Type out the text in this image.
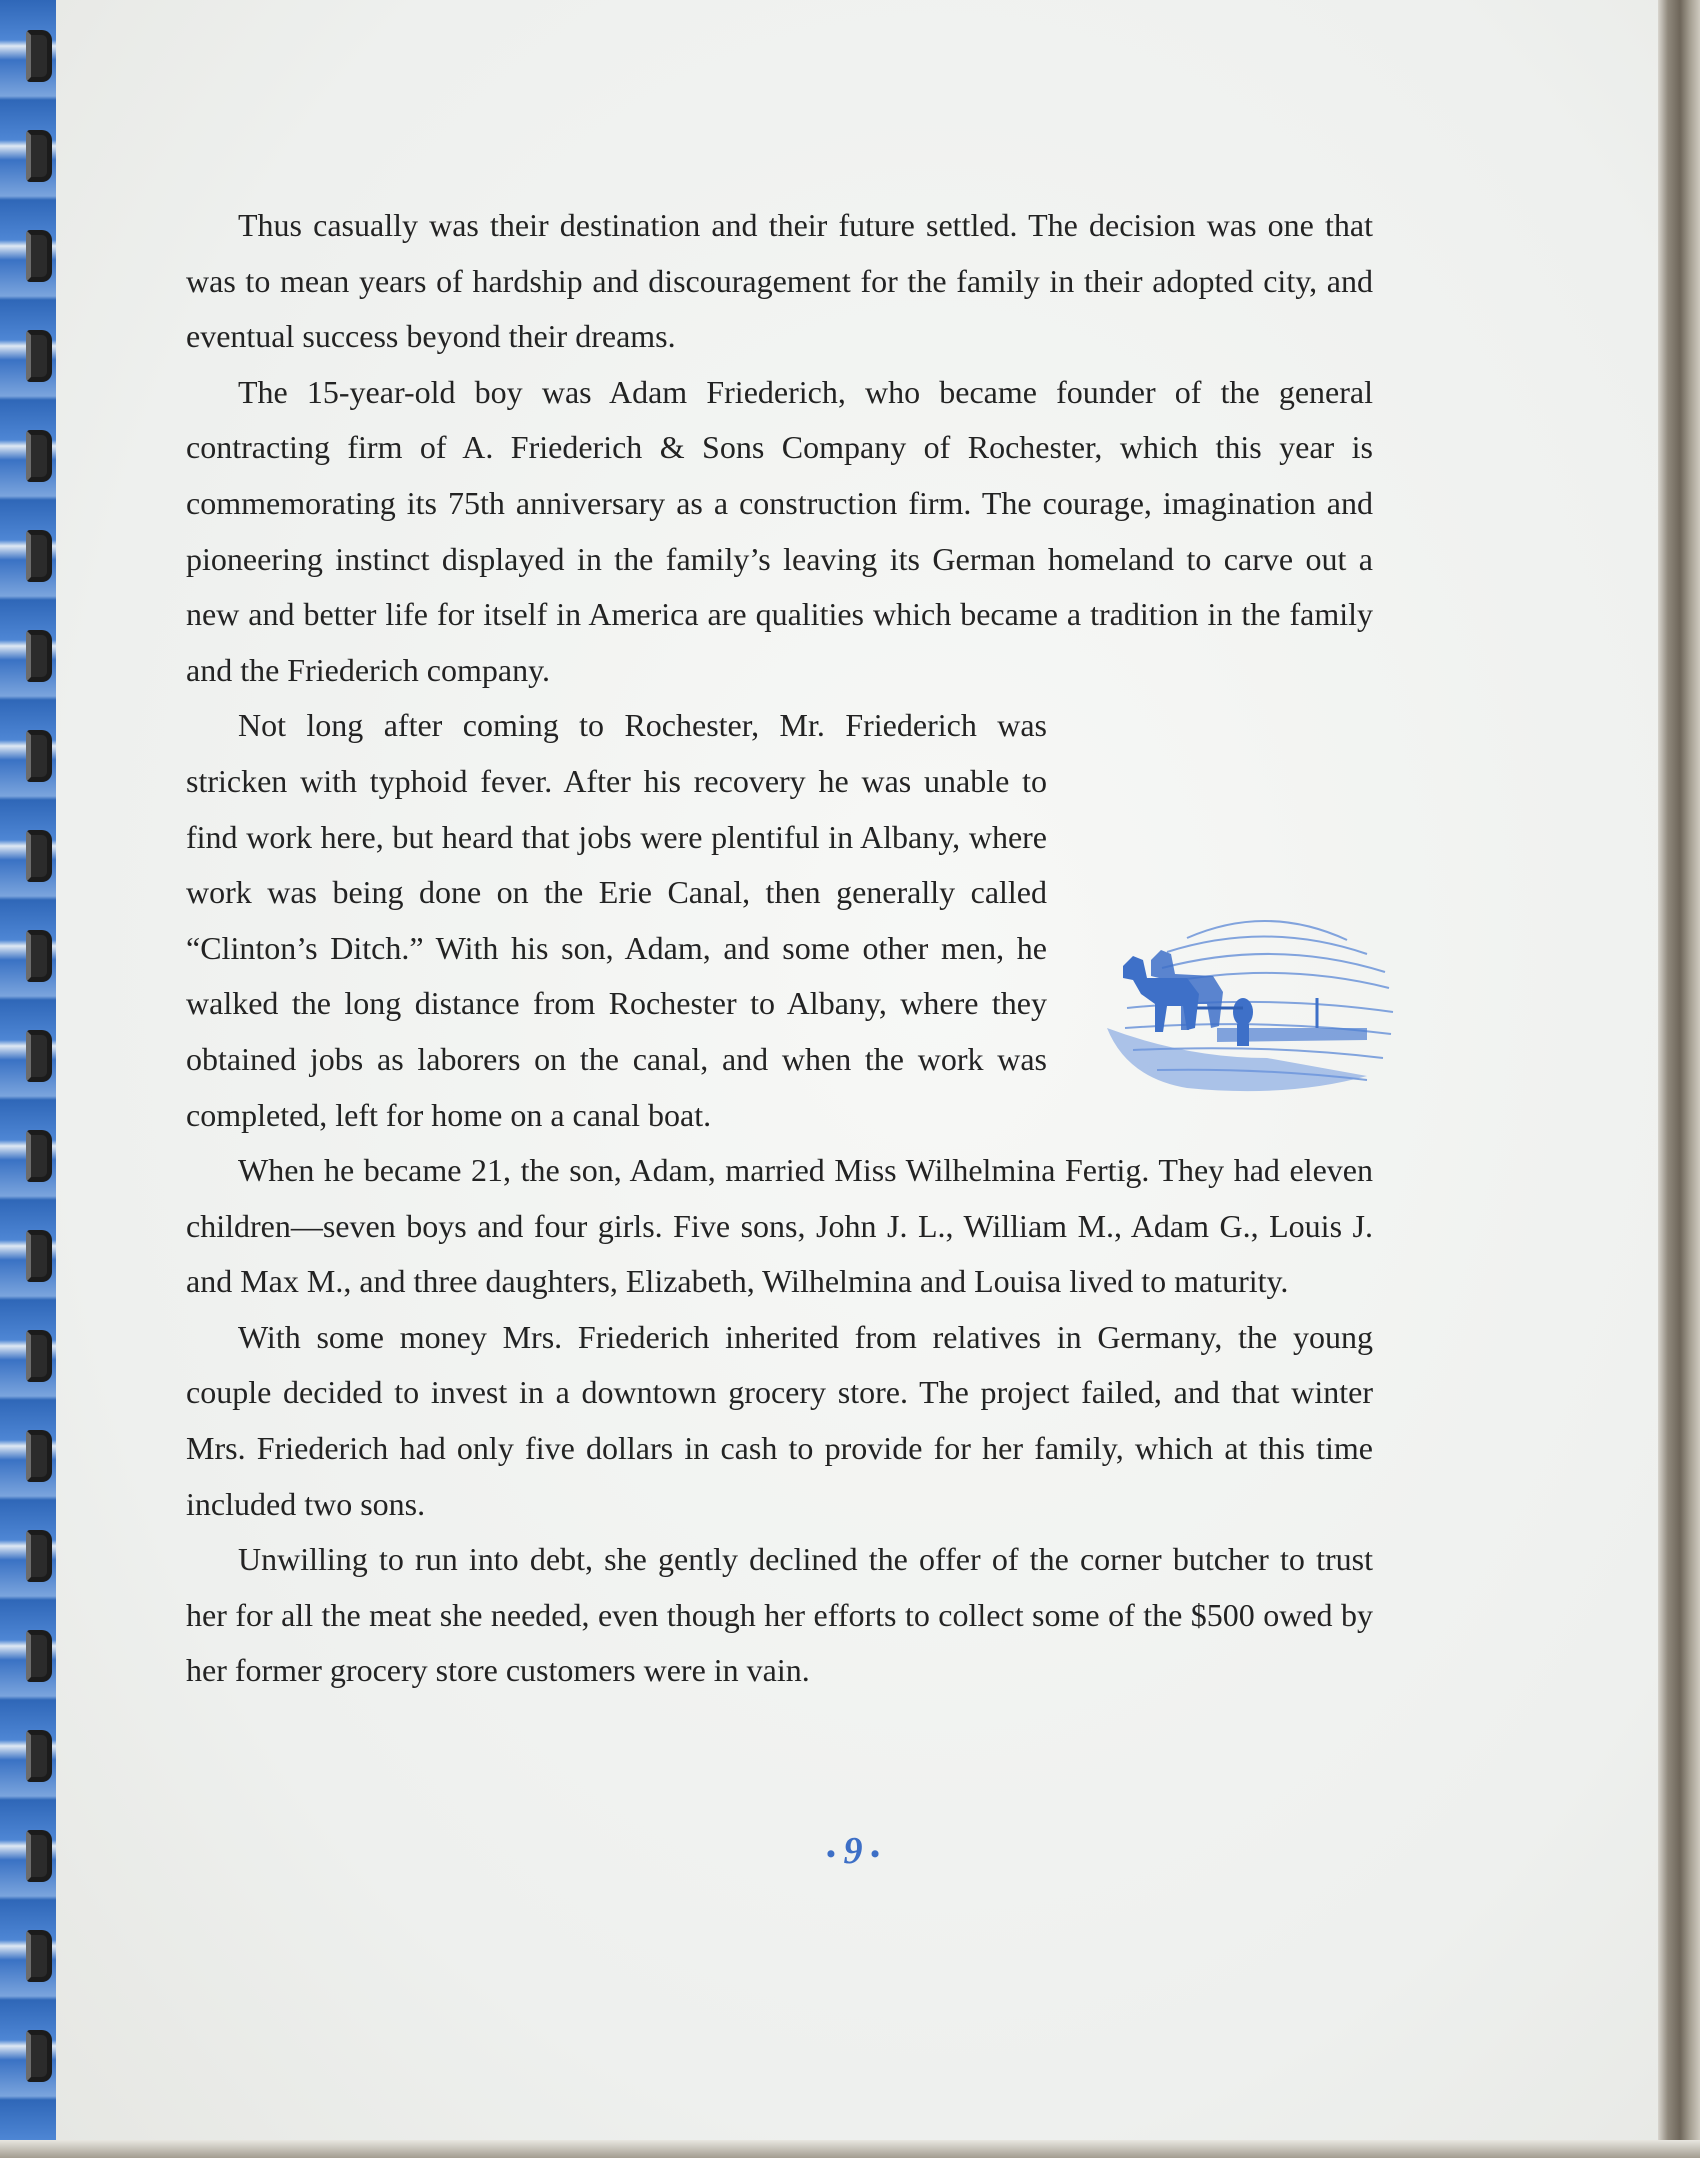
Thus casually was their destination and their future settled. The decision was one that was to mean years of hardship and discouragement for the family in their adopted city, and eventual success beyond their dreams.

The 15-year-old boy was Adam Friederich, who became founder of the general contracting firm of A. Friederich & Sons Company of Rochester, which this year is commemorating its 75th anniversary as a construction firm. The courage, imagination and pioneering instinct displayed in the family’s leaving its German homeland to carve out a new and better life for itself in America are qualities which became a tradition in the family and the Friederich company.

Not long after coming to Rochester, Mr. Friederich was stricken with typhoid fever. After his recovery he was unable to find work here, but heard that jobs were plentiful in Albany, where work was being done on the Erie Canal, then generally called “Clinton’s Ditch.” With his son, Adam, and some other men, he walked the long distance from Rochester to Albany, where they obtained jobs as laborers on the canal, and when the work was completed, left for home on a canal boat.

When he became 21, the son, Adam, married Miss Wilhelmina Fertig. They had eleven children—seven boys and four girls. Five sons, John J. L., William M., Adam G., Louis J. and Max M., and three daughters, Elizabeth, Wilhelmina and Louisa lived to maturity.

With some money Mrs. Friederich inherited from relatives in Germany, the young couple decided to invest in a downtown grocery store. The project failed, and that winter Mrs. Friederich had only five dollars in cash to provide for her family, which at this time included two sons.

Unwilling to run into debt, she gently declined the offer of the corner butcher to trust her for all the meat she needed, even though her efforts to collect some of the $500 owed by her former grocery store customers were in vain.

•9•
